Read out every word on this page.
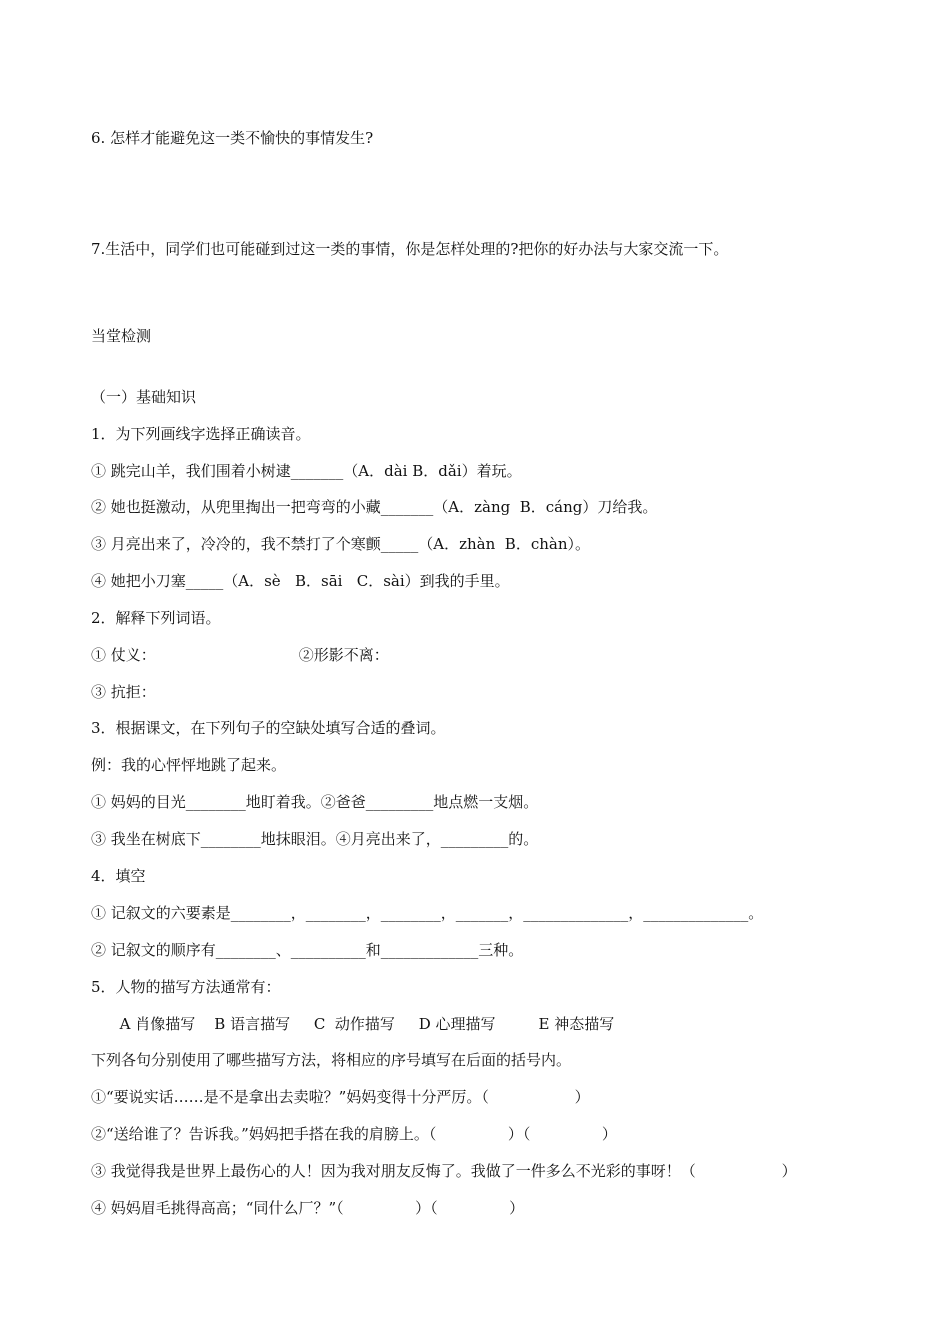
6. 怎样才能避免这一类不愉快的事情发生?
7.生活中，同学们也可能碰到过这一类的事情，你是怎样处理的?把你的好办法与大家交流一下。
当堂检测
（一）基础知识
1．为下列画线字选择正确读音。
① 跳完山羊，我们围着小树逮_______（A．dài B．dǎi）着玩。
② 她也挺激动，从兜里掏出一把弯弯的小藏_______（A．zàng  B．cáng）刀给我。
③ 月亮出来了，冷冷的，我不禁打了个寒颤_____（A．zhàn  B．chàn）。
④ 她把小刀塞_____（A．sè   B．sāi   C．sài）到我的手里。
2．解释下列词语。
① 仗义：                              ②形影不离：
③ 抗拒：
3．根据课文，在下列句子的空缺处填写合适的叠词。
例：我的心怦怦地跳了起来。
① 妈妈的目光________地盯着我。②爸爸_________地点燃一支烟。
③ 我坐在树底下________地抹眼泪。④月亮出来了，_________的。
4．填空
① 记叙文的六要素是________，________，________，_______，______________，______________。
② 记叙文的顺序有________、__________和_____________三种。
5．人物的描写方法通常有：
A 肖像描写    B 语言描写     C  动作描写     D 心理描写         E 神态描写
下列各句分别使用了哪些描写方法，将相应的序号填写在后面的括号内。
①“要说实话……是不是拿出去卖啦？”妈妈变得十分严厉。（                  ）
②“送给谁了？告诉我。”妈妈把手搭在我的肩膀上。（               ）（               ）
③ 我觉得我是世界上最伤心的人！因为我对朋友反悔了。我做了一件多么不光彩的事呀！（                  ）
④ 妈妈眉毛挑得高高；“同什么厂？”（               ）（               ）
